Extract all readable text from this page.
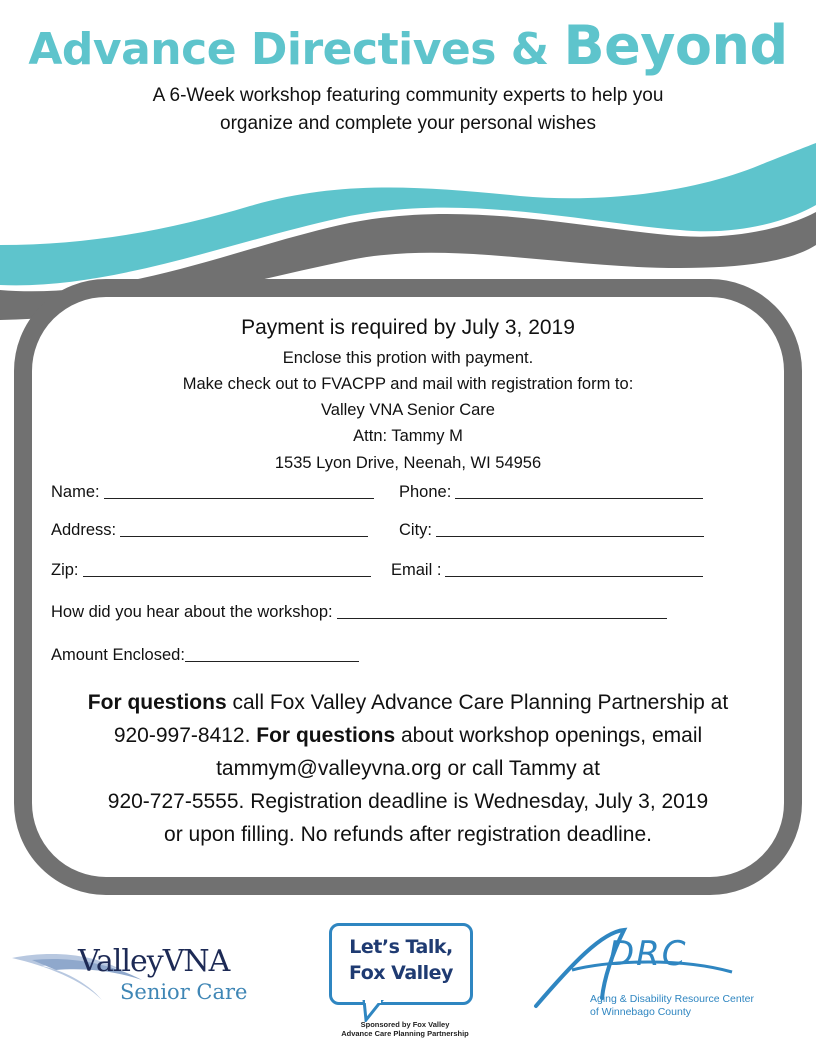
Advance Directives & Beyond
A 6-Week workshop featuring community experts to help you
organize and complete your personal wishes
Payment is required by July 3, 2019
Enclose this protion with payment.
Make check out to FVACPP and mail with registration form to:
Valley VNA Senior Care
Attn: Tammy M
1535 Lyon Drive, Neenah, WI 54956
Name:	Phone:
Address:	City:
Zip:	Email :
How did you hear about the workshop:
Amount Enclosed:
For questions call Fox Valley Advance Care Planning Partnership at
920-997-8412. For questions about workshop openings, email
tammym@valleyvna.org or call Tammy at
920-727-5555. Registration deadline is Wednesday, July 3, 2019
or upon filling. No refunds after registration deadline.
ValleyVNA
Senior Care
Let’s Talk,
Fox Valley
Sponsored by Fox Valley
Advance Care Planning Partnership
DRC
Aging & Disability Resource Center
of Winnebago County
